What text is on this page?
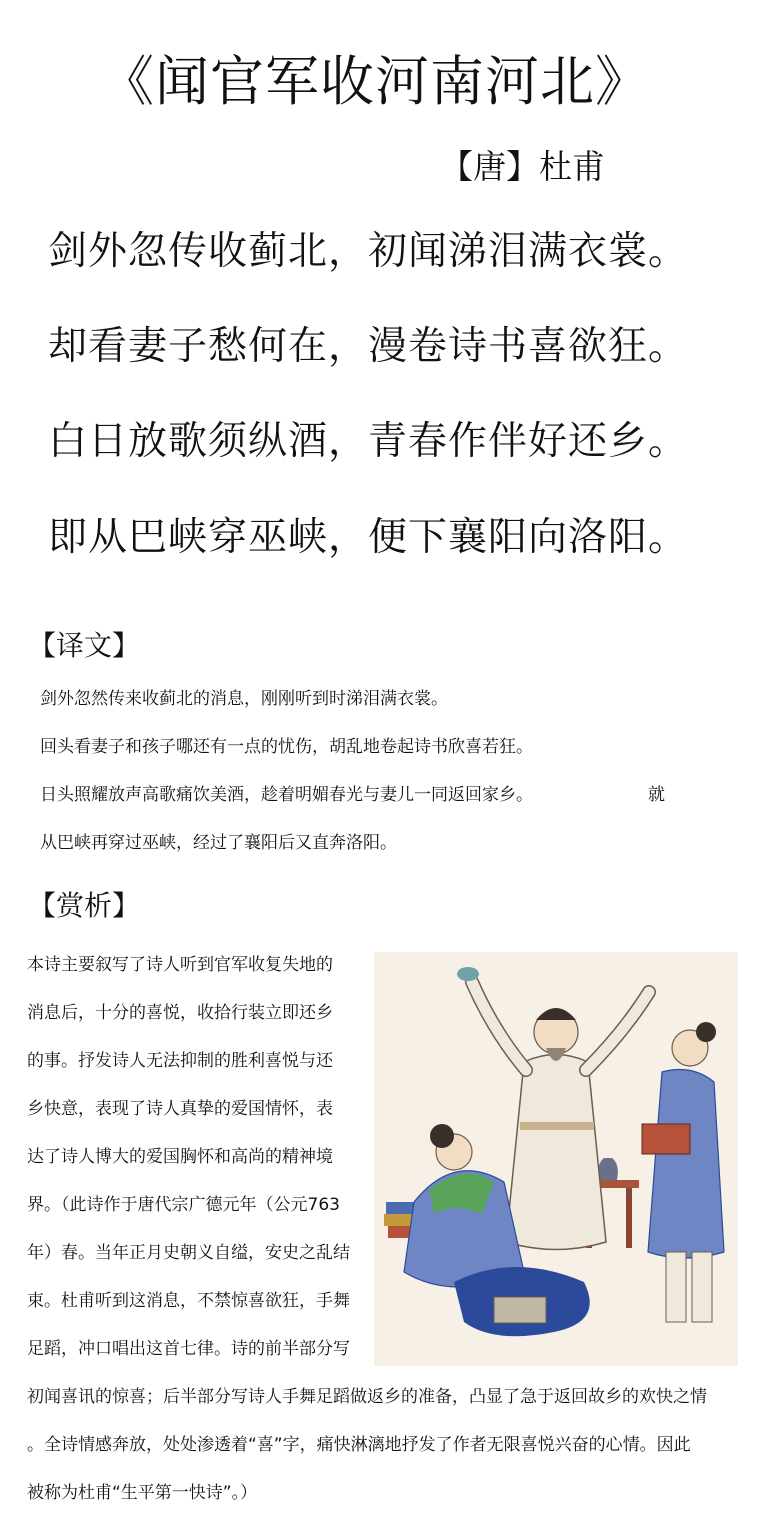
《闻官军收河南河北》
【唐】杜甫
剑外忽传收蓟北，初闻涕泪满衣裳。
却看妻子愁何在，漫卷诗书喜欲狂。
白日放歌须纵酒，青春作伴好还乡。
即从巴峡穿巫峡，便下襄阳向洛阳。
【译文】
剑外忽然传来收蓟北的消息，刚刚听到时涕泪满衣裳。
回头看妻子和孩子哪还有一点的忧伤，胡乱地卷起诗书欣喜若狂。
日头照耀放声高歌痛饮美酒，趁着明媚春光与妻儿一同返回家乡。	就
从巴峡再穿过巫峡，经过了襄阳后又直奔洛阳。
【赏析】
本诗主要叙写了诗人听到官军收复失地的
消息后，十分的喜悦，收拾行装立即还乡
的事。抒发诗人无法抑制的胜利喜悦与还
乡快意，表现了诗人真挚的爱国情怀，表
达了诗人博大的爱国胸怀和高尚的精神境
界。（此诗作于唐代宗广德元年（公元763
年）春。当年正月史朝义自缢，安史之乱结
束。杜甫听到这消息，不禁惊喜欲狂，手舞
足蹈，冲口唱出这首七律。诗的前半部分写
初闻喜讯的惊喜；后半部分写诗人手舞足蹈做返乡的准备，凸显了急于返回故乡的欢快之情
。全诗情感奔放，处处渗透着“喜”字，痛快淋漓地抒发了作者无限喜悦兴奋的心情。因此
被称为杜甫“生平第一快诗”。）
